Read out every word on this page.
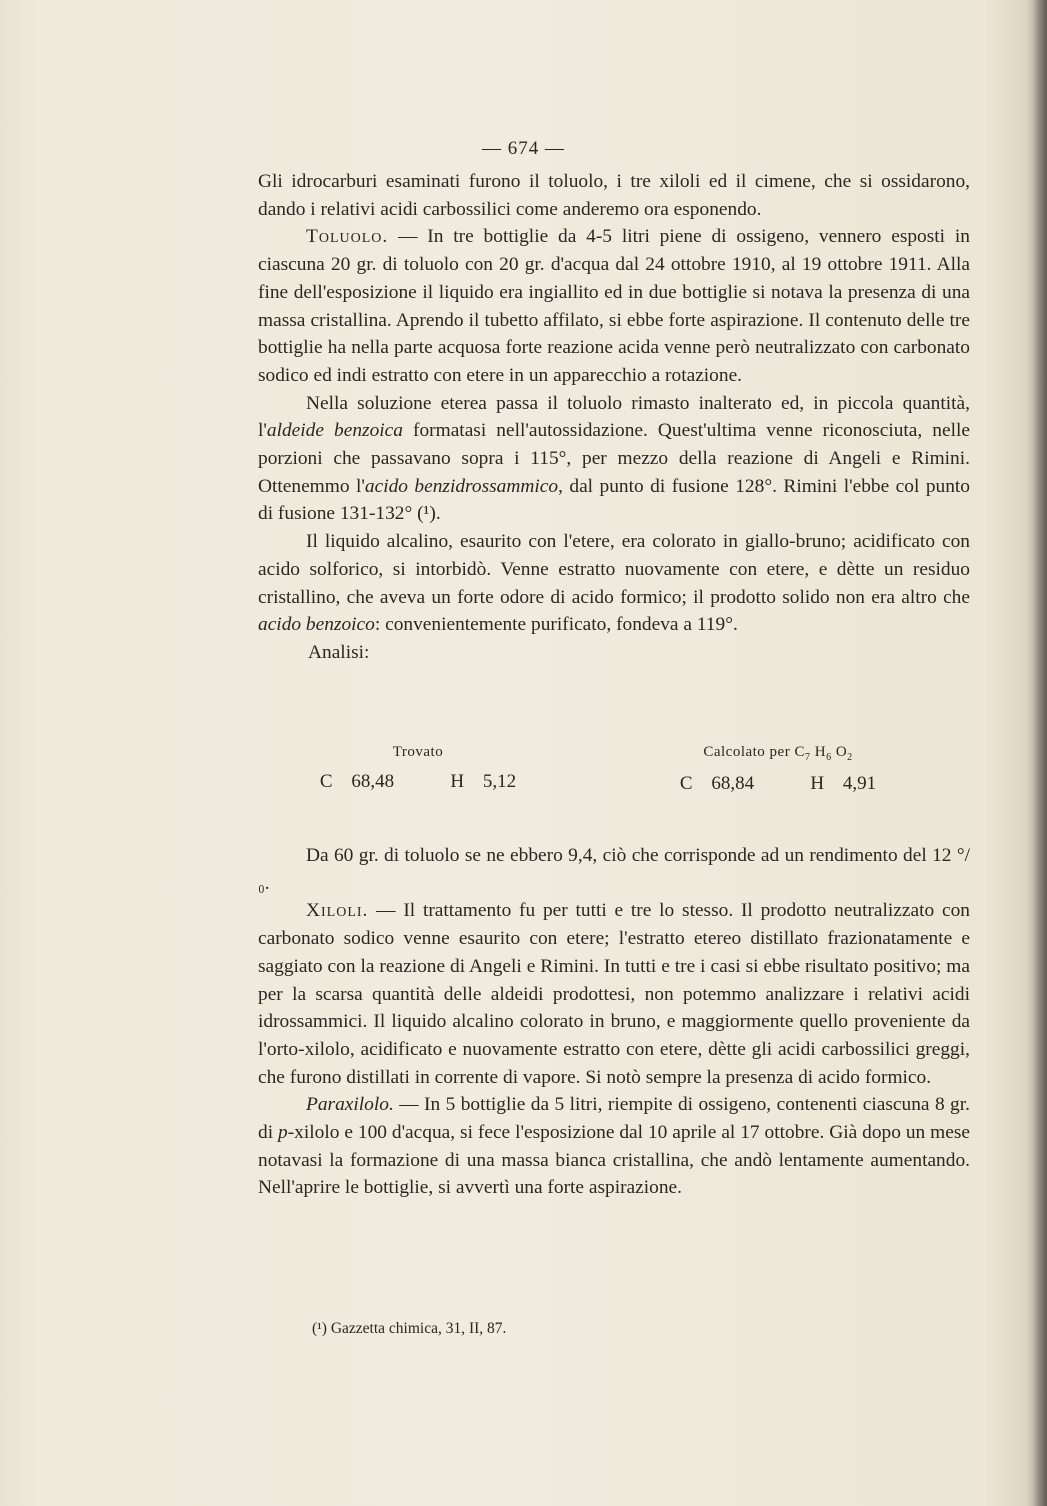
— 674 —

Gli idrocarburi esaminati furono il toluolo, i tre xiloli ed il cimene, che si ossidarono, dando i relativi acidi carbossilici come anderemo ora esponendo.

Toluolo. — In tre bottiglie da 4-5 litri piene di ossigeno, vennero esposti in ciascuna 20 gr. di toluolo con 20 gr. d'acqua dal 24 ottobre 1910, al 19 ottobre 1911. Alla fine dell'esposizione il liquido era ingiallito ed in due bottiglie si notava la presenza di una massa cristallina. Aprendo il tubetto affilato, si ebbe forte aspirazione. Il contenuto delle tre bottiglie ha nella parte acquosa forte reazione acida venne però neutralizzato con carbonato sodico ed indi estratto con etere in un apparecchio a rotazione.

Nella soluzione eterea passa il toluolo rimasto inalterato ed, in piccola quantità, l'aldeide benzoica formatasi nell'autossidazione. Quest'ultima venne riconosciuta, nelle porzioni che passavano sopra i 115°, per mezzo della reazione di Angeli e Rimini. Ottenemmo l'acido benzidrossammico, dal punto di fusione 128°. Rimini l'ebbe col punto di fusione 131-132° (¹).

Il liquido alcalino, esaurito con l'etere, era colorato in giallo-bruno; acidificato con acido solforico, si intorbidò. Venne estratto nuovamente con etere, e dètte un residuo cristallino, che aveva un forte odore di acido formico; il prodotto solido non era altro che acido benzoico: convenientemente purificato, fondeva a 119°.

Analisi:

Trovato
C 68,48   H 5,12
Calcolato per $C_7$ $H_6$ $O_2$
C 68,84   H 4,91

Da 60 gr. di toluolo se ne ebbero 9,4, ciò che corrisponde ad un rendimento del 12 °/₀.

Xiloli. — Il trattamento fu per tutti e tre lo stesso. Il prodotto neutralizzato con carbonato sodico venne esaurito con etere; l'estratto etereo distillato frazionatamente e saggiato con la reazione di Angeli e Rimini. In tutti e tre i casi si ebbe risultato positivo; ma per la scarsa quantità delle aldeidi prodottesi, non potemmo analizzare i relativi acidi idrossammici. Il liquido alcalino colorato in bruno, e maggiormente quello proveniente da l'orto-xilolo, acidificato e nuovamente estratto con etere, dètte gli acidi carbossilici greggi, che furono distillati in corrente di vapore. Si notò sempre la presenza di acido formico.

Paraxilolo. — In 5 bottiglie da 5 litri, riempite di ossigeno, contenenti ciascuna 8 gr. di p-xilolo e 100 d'acqua, si fece l'esposizione dal 10 aprile al 17 ottobre. Già dopo un mese notavasi la formazione di una massa bianca cristallina, che andò lentamente aumentando. Nell'aprire le bottiglie, si avvertì una forte aspirazione.

(¹) Gazzetta chimica, 31, II, 87.
